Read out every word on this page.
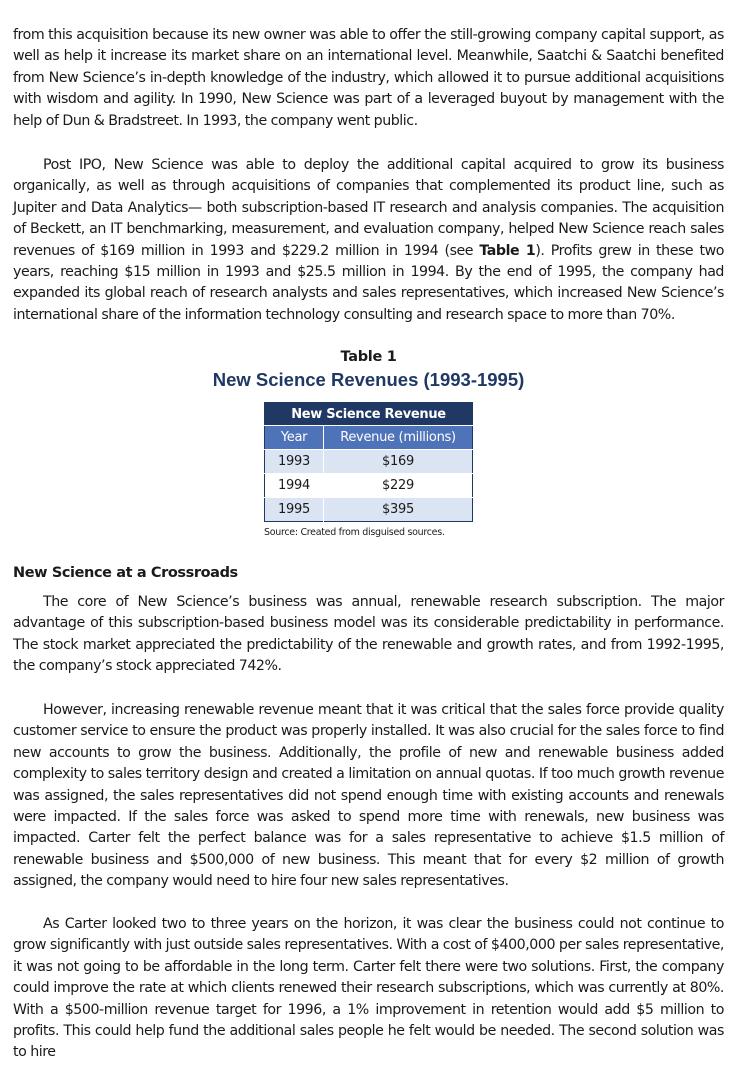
from this acquisition because its new owner was able to offer the still-growing company capital support, as well as help it increase its market share on an international level. Meanwhile, Saatchi & Saatchi benefited from New Science’s in-depth knowledge of the industry, which allowed it to pursue additional acquisitions with wisdom and agility. In 1990, New Science was part of a leveraged buyout by management with the help of Dun & Bradstreet. In 1993, the company went public.

Post IPO, New Science was able to deploy the additional capital acquired to grow its business organically, as well as through acquisitions of companies that complemented its product line, such as Jupiter and Data Analytics— both subscription-based IT research and analysis companies. The acquisition of Beckett, an IT benchmarking, measurement, and evaluation company, helped New Science reach sales revenues of $169 million in 1993 and $229.2 million in 1994 (see Table 1). Profits grew in these two years, reaching $15 million in 1993 and $25.5 million in 1994. By the end of 1995, the company had expanded its global reach of research analysts and sales representatives, which increased New Science’s international share of the information technology consulting and research space to more than 70%.

Table 1

New Science Revenues (1993-1995)

New Science Revenue	
Year	Revenue (millions)
1993	$169
1994	$229
1995	$395
Source: Created from disguised sources.
New Science at a Crossroads

The core of New Science’s business was annual, renewable research subscription. The major advantage of this subscription-based business model was its considerable predictability in performance. The stock market appreciated the predictability of the renewable and growth rates, and from 1992-1995, the company’s stock appreciated 742%.

However, increasing renewable revenue meant that it was critical that the sales force provide quality customer service to ensure the product was properly installed. It was also crucial for the sales force to find new accounts to grow the business. Additionally, the profile of new and renewable business added complexity to sales territory design and created a limitation on annual quotas. If too much growth revenue was assigned, the sales representatives did not spend enough time with existing accounts and renewals were impacted. If the sales force was asked to spend more time with renewals, new business was impacted. Carter felt the perfect balance was for a sales representative to achieve $1.5 million of renewable business and $500,000 of new business. This meant that for every $2 million of growth assigned, the company would need to hire four new sales representatives.

As Carter looked two to three years on the horizon, it was clear the business could not continue to grow significantly with just outside sales representatives. With a cost of $400,000 per sales representative, it was not going to be affordable in the long term. Carter felt there were two solutions. First, the company could improve the rate at which clients renewed their research subscriptions, which was currently at 80%. With a $500-million revenue target for 1996, a 1% improvement in retention would add $5 million to profits. This could help fund the additional sales people he felt would be needed. The second solution was to hire
